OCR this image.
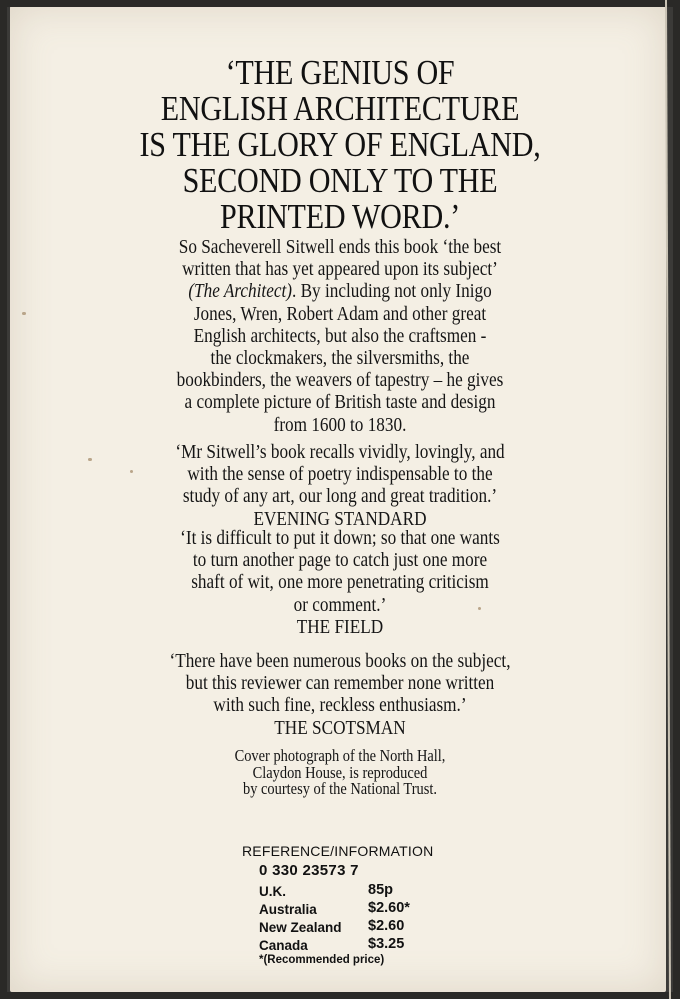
‘THE GENIUS OF
ENGLISH ARCHITECTURE
IS THE GLORY OF ENGLAND,
SECOND ONLY TO THE
PRINTED WORD.’
So Sacheverell Sitwell ends this book ‘the best
written that has yet appeared upon its subject’
(The Architect). By including not only Inigo
Jones, Wren, Robert Adam and other great
English architects, but also the craftsmen -
the clockmakers, the silversmiths, the
bookbinders, the weavers of tapestry – he gives
a complete picture of British taste and design
from 1600 to 1830.
‘Mr Sitwell’s book recalls vividly, lovingly, and
with the sense of poetry indispensable to the
study of any art, our long and great tradition.’
EVENING STANDARD
‘It is difficult to put it down; so that one wants
to turn another page to catch just one more
shaft of wit, one more penetrating criticism
or comment.’
THE FIELD
‘There have been numerous books on the subject,
but this reviewer can remember none written
with such fine, reckless enthusiasm.’
THE SCOTSMAN
Cover photograph of the North Hall,
Claydon House, is reproduced
by courtesy of the National Trust.
REFERENCE/INFORMATION
0 330 23573 7
U.K.	85p
Australia	$2.60*
New Zealand $2.60
Canada	$3.25
*(Recommended price)
